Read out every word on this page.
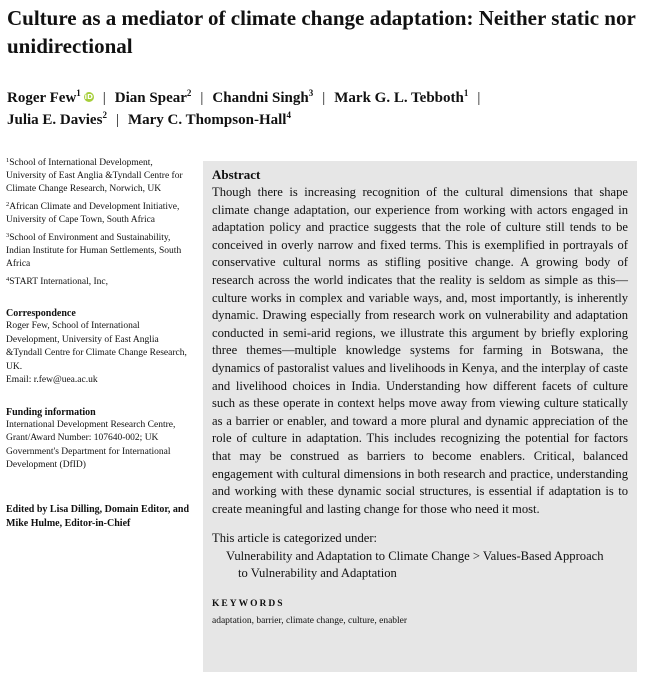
Culture as a mediator of climate change adaptation: Neither static nor unidirectional
Roger Few$^1$ iD | Dian Spear$^2$ | Chandni Singh$^3$ | Mark G. L. Tebboth$^1$ |
Julia E. Davies$^2$ | Mary C. Thompson-Hall$^4$
$^1$School of International Development, University of East Anglia &Tyndall Centre for Climate Change Research, Norwich, UK
$^2$African Climate and Development Initiative, University of Cape Town, South Africa
$^3$School of Environment and Sustainability, Indian Institute for Human Settlements, South Africa
$^4$START International, Inc,
Correspondence
Roger Few, School of International Development, University of East Anglia &Tyndall Centre for Climate Change Research, UK.
Email: r.few@uea.ac.uk
Funding information
International Development Research Centre, Grant/Award Number: 107640-002; UK Government's Department for International Development (DfID)
Edited by Lisa Dilling, Domain Editor, and Mike Hulme, Editor-in-Chief
Abstract
Though there is increasing recognition of the cultural dimensions that shape climate change adaptation, our experience from working with actors engaged in adaptation policy and practice suggests that the role of culture still tends to be conceived in overly narrow and fixed terms. This is exemplified in portrayals of conservative cultural norms as stifling positive change. A growing body of research across the world indicates that the reality is seldom as simple as this—culture works in complex and variable ways, and, most importantly, is inherently dynamic. Drawing especially from research work on vulnerability and adaptation conducted in semi-arid regions, we illustrate this argument by briefly exploring three themes—multiple knowledge systems for farming in Botswana, the dynamics of pastoralist values and livelihoods in Kenya, and the interplay of caste and livelihood choices in India. Understanding how different facets of culture such as these operate in context helps move away from viewing culture statically as a barrier or enabler, and toward a more plural and dynamic appreciation of the role of culture in adaptation. This includes recognizing the potential for factors that may be construed as barriers to become enablers. Critical, balanced engagement with cultural dimensions in both research and practice, understanding and working with these dynamic social structures, is essential if adaptation is to create meaningful and lasting change for those who need it most.
This article is categorized under:
Vulnerability and Adaptation to Climate Change > Values-Based Approach
to Vulnerability and Adaptation
KEYWORDS
adaptation, barrier, climate change, culture, enabler
